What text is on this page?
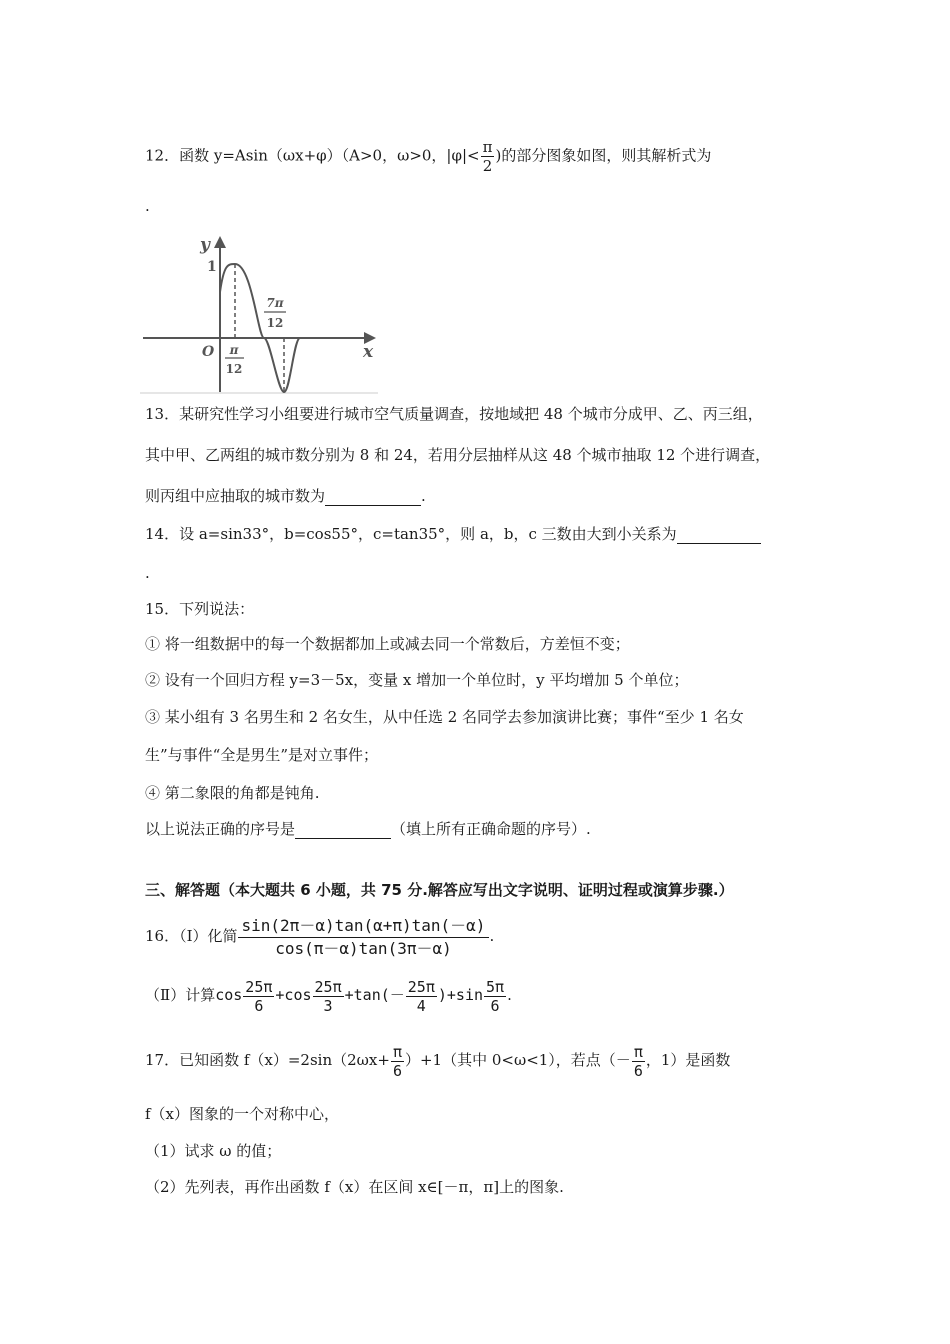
12．函数 y=Asin（ωx+φ）（A>0，ω>0，$|\varphi|< \frac{\pi}{2}$ )的部分图象如图，则其解析式为
.
y
x
O
1
π
12
7π
12
13．某研究性学习小组要进行城市空气质量调查，按地域把 48 个城市分成甲、乙、丙三组，
其中甲、乙两组的城市数分别为 8 和 24，若用分层抽样从这 48 个城市抽取 12 个进行调查，
则丙组中应抽取的城市数为	.
14．设 a=sin33°，b=cos55°，c=tan35°，则 a，b，c 三数由大到小关系为
.
15．下列说法：
① 将一组数据中的每一个数据都加上或减去同一个常数后，方差恒不变；
② 设有一个回归方程 y=3－5x，变量 x 增加一个单位时，y 平均增加 5 个单位；
③ 某小组有 3 名男生和 2 名女生，从中任选 2 名同学去参加演讲比赛；事件“至少 1 名女
生”与事件“全是男生”是对立事件；
④ 第二象限的角都是钝角.
以上说法正确的序号是	（填上所有正确命题的序号）.
三、解答题（本大题共 6 小题，共 75 分.解答应写出文字说明、证明过程或演算步骤.）
16．（Ⅰ）化简 $\frac{\sin(2\pi-\alpha)\tan(\alpha+\pi)\tan(-\alpha)}{\cos(\pi-\alpha)\tan(3\pi-\alpha)}$ .
（Ⅱ）计算$\cos \frac{25\pi}{6} +\cos \frac{25\pi}{3} +\tan(- \frac{25\pi}{4} )+\sin \frac{5\pi}{6}$ .
17．已知函数 $f(x)=2\sin(2\omega x+ \frac{\pi}{6} )+1$（其中 0<ω<1），若点（－ $\frac{\pi}{6}$ ，1）是函数
f（x）图象的一个对称中心，
（1）试求 ω 的值；
（2）先列表，再作出函数 f（x）在区间 x∈[－π，π]上的图象.
